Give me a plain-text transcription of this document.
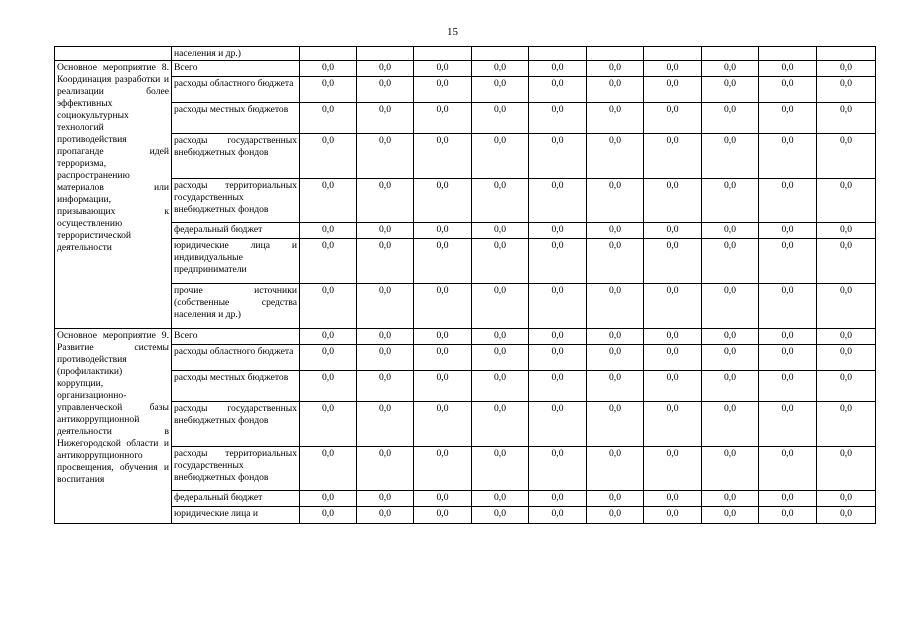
15
	населения и др.)										
Основное мероприятие 8. Координация разработки и реализации более эффективных социокультурных технологий противодействия пропаганде идей терроризма, распространению материалов или информации, призывающих к осуществлению террористической деятельности	Всего	0,0	0,0	0,0	0,0	0,0	0,0	0,0	0,0	0,0	0,0
	расходы областного бюджета	0,0	0,0	0,0	0,0	0,0	0,0	0,0	0,0	0,0	0,0
	расходы местных бюджетов	0,0	0,0	0,0	0,0	0,0	0,0	0,0	0,0	0,0	0,0
	расходы государственных внебюджетных фондов	0,0	0,0	0,0	0,0	0,0	0,0	0,0	0,0	0,0	0,0
	расходы территориальных государственных внебюджетных фондов	0,0	0,0	0,0	0,0	0,0	0,0	0,0	0,0	0,0	0,0
	федеральный бюджет	0,0	0,0	0,0	0,0	0,0	0,0	0,0	0,0	0,0	0,0
	юридические лица и индивидуальные предприниматели	0,0	0,0	0,0	0,0	0,0	0,0	0,0	0,0	0,0	0,0
	прочие источники (собственные средства населения и др.)	0,0	0,0	0,0	0,0	0,0	0,0	0,0	0,0	0,0	0,0
Основное мероприятие 9. Развитие системы противодействия (профилактики) коррупции, организационно-управленческой базы антикоррупционной деятельности в Нижегородской области и антикоррупционного просвещения, обучения и воспитания	Всего	0,0	0,0	0,0	0,0	0,0	0,0	0,0	0,0	0,0	0,0
	расходы областного бюджета	0,0	0,0	0,0	0,0	0,0	0,0	0,0	0,0	0,0	0,0
	расходы местных бюджетов	0,0	0,0	0,0	0,0	0,0	0,0	0,0	0,0	0,0	0,0
	расходы государственных внебюджетных фондов	0,0	0,0	0,0	0,0	0,0	0,0	0,0	0,0	0,0	0,0
	расходы территориальных государственных внебюджетных фондов	0,0	0,0	0,0	0,0	0,0	0,0	0,0	0,0	0,0	0,0
	федеральный бюджет	0,0	0,0	0,0	0,0	0,0	0,0	0,0	0,0	0,0	0,0
	юридические лица и	0,0	0,0	0,0	0,0	0,0	0,0	0,0	0,0	0,0	0,0
